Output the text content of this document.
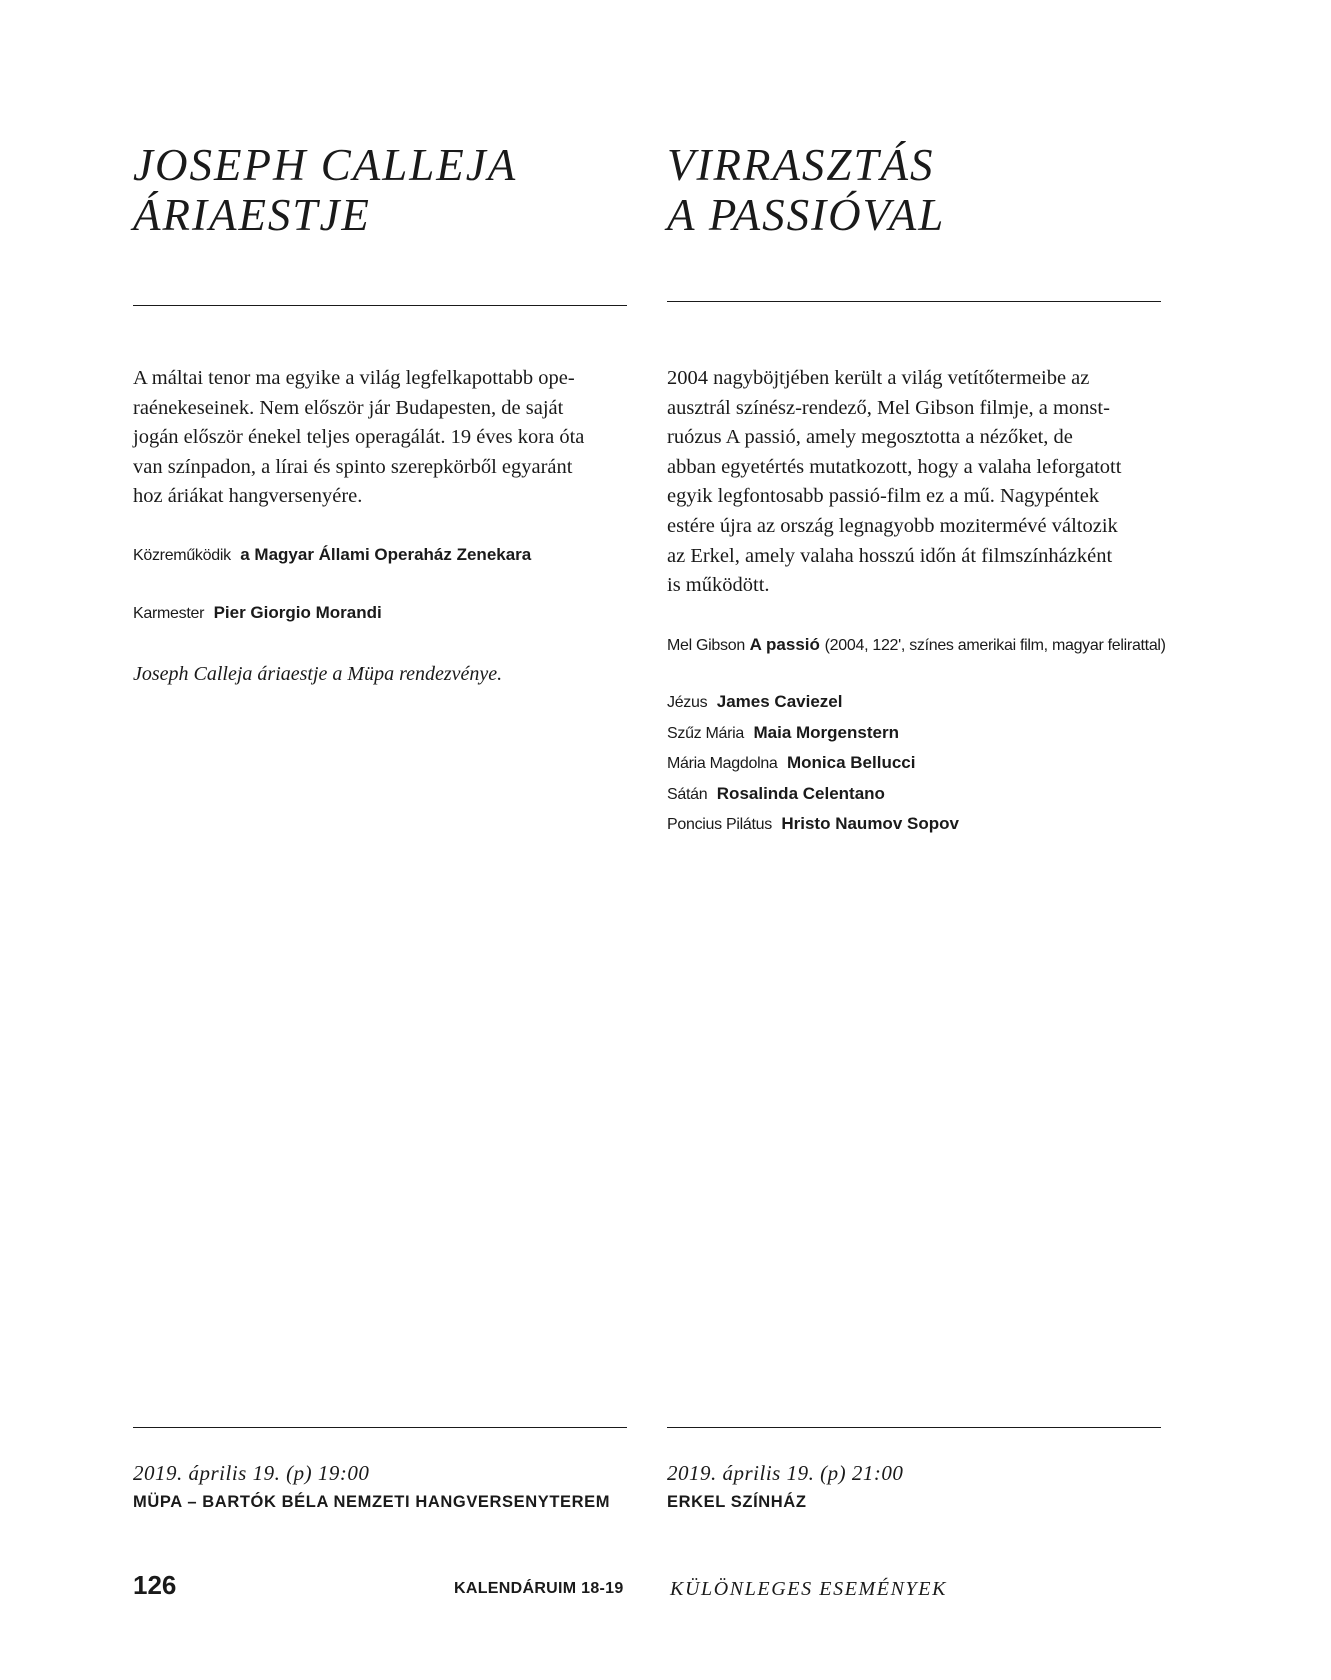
JOSEPH CALLEJA
ÁRIAESTJE

A máltai tenor ma egyike a világ legfelkapottabb ope-
raénekeseinek. Nem először jár Budapesten, de saját
jogán először énekel teljes operagálát. 19 éves kora óta
van színpadon, a lírai és spinto szerepkörből egyaránt
hoz áriákat hangversenyére.

Közreműködik a Magyar Állami Operaház Zenekara

Karmester Pier Giorgio Morandi

Joseph Calleja áriaestje a Müpa rendezvénye.

2019. április 19. (p) 19:00

MÜPA – BARTÓK BÉLA NEMZETI HANGVERSENYTEREM

VIRRASZTÁS
A PASSIÓVAL

2004 nagyböjtjében került a világ vetítőtermeibe az
ausztrál színész-rendező, Mel Gibson filmje, a monst-
ruózus A passió, amely megosztotta a nézőket, de
abban egyetértés mutatkozott, hogy a valaha leforgatott
egyik legfontosabb passió-film ez a mű. Nagypéntek
estére újra az ország legnagyobb mozitermévé változik
az Erkel, amely valaha hosszú időn át filmszínházként
is működött.

Mel Gibson A passió (2004, 122', színes amerikai film, magyar felirattal)

Jézus James Caviezel
Szűz Mária Maia Morgenstern
Mária Magdolna Monica Bellucci
Sátán Rosalinda Celentano
Poncius Pilátus Hristo Naumov Sopov

2019. április 19. (p) 21:00

ERKEL SZÍNHÁZ

126	KALENDÁRUIM 18-19 KÜLÖNLEGES ESEMÉNYEK
